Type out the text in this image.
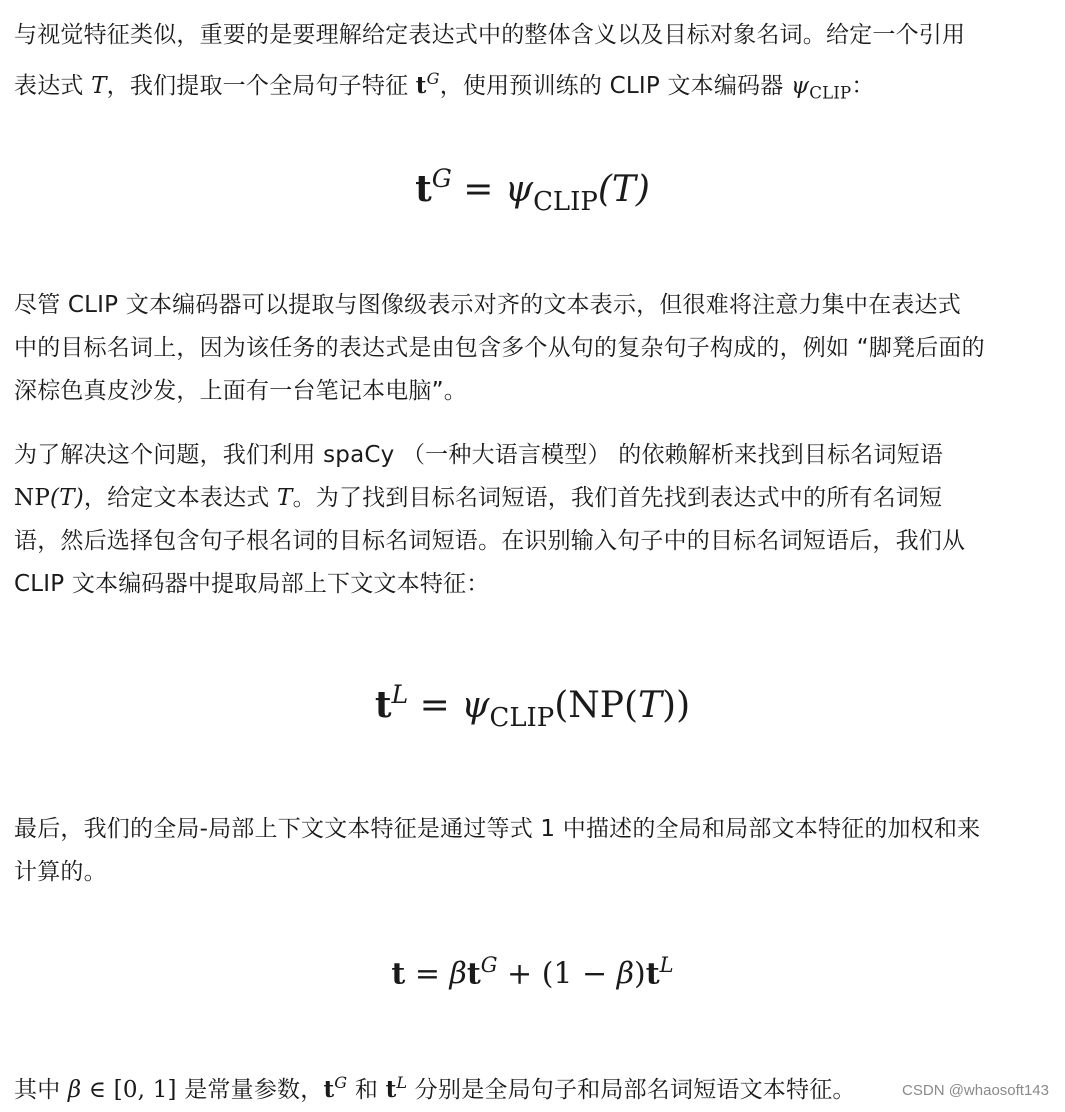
与视觉特征类似，重要的是要理解给定表达式中的整体含义以及目标对象名词。给定一个引用
表达式 T，我们提取一个全局句子特征 $t^G$，使用预训练的 CLIP 文本编码器 $\psi_{CLIP}$：

尽管 CLIP 文本编码器可以提取与图像级表示对齐的文本表示，但很难将注意力集中在表达式
中的目标名词上，因为该任务的表达式是由包含多个从句的复杂句子构成的，例如 “脚凳后面的
深棕色真皮沙发，上面有一台笔记本电脑”。
为了解决这个问题，我们利用 spaCy （一种大语言模型） 的依赖解析来找到目标名词短语
NP(T)，给定文本表达式 T。为了找到目标名词短语，我们首先找到表达式中的所有名词短
语，然后选择包含句子根名词的目标名词短语。在识别输入句子中的目标名词短语后，我们从
CLIP 文本编码器中提取局部上下文文本特征：
最后，我们的全局-局部上下文文本特征是通过等式 1 中描述的全局和局部文本特征的加权和来
计算的。
其中 β ∈ [0, 1] 是常量参数，$t^G$ 和 $t^L$ 分别是全局句子和局部名词短语文本特征。
$t^G = \psi_{CLIP}(T)$
$t^L = \psi_{CLIP}(NP(T))$
$t = \beta t^G + (1 - \beta)t^L$
CSDN @whaosoft143
